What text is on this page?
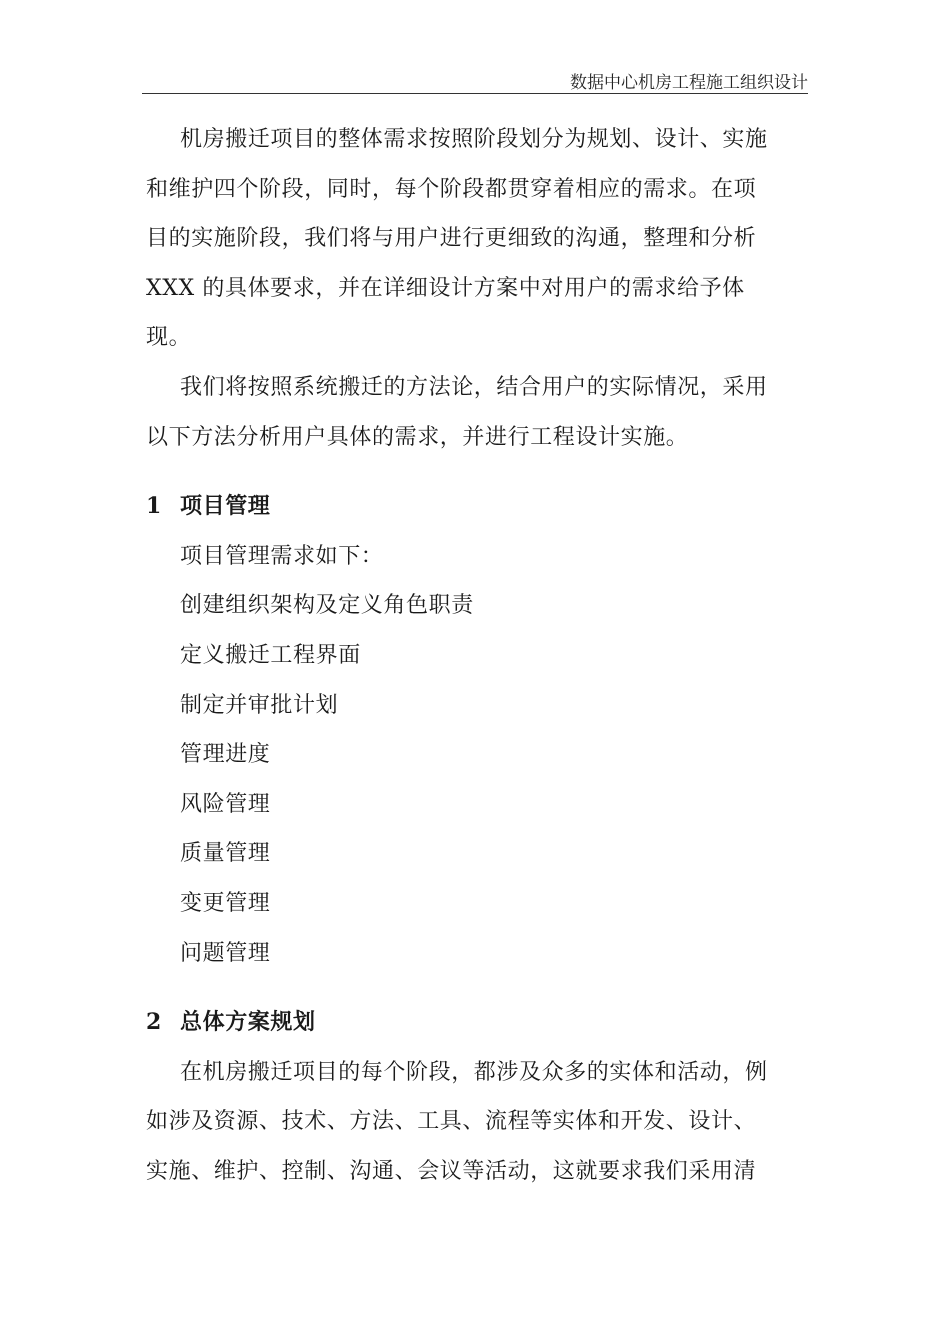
数据中心机房工程施工组织设计

机房搬迁项目的整体需求按照阶段划分为规划、设计、实施
和维护四个阶段，同时，每个阶段都贯穿着相应的需求。在项
目的实施阶段，我们将与用户进行更细致的沟通，整理和分析
XXX 的具体要求，并在详细设计方案中对用户的需求给予体
现。

我们将按照系统搬迁的方法论，结合用户的实际情况，采用
以下方法分析用户具体的需求，并进行工程设计实施。

1 项目管理

项目管理需求如下：

创建组织架构及定义角色职责

定义搬迁工程界面

制定并审批计划

管理进度

风险管理

质量管理

变更管理

问题管理

2 总体方案规划

在机房搬迁项目的每个阶段，都涉及众多的实体和活动，例
如涉及资源、技术、方法、工具、流程等实体和开发、设计、
实施、维护、控制、沟通、会议等活动，这就要求我们采用清
